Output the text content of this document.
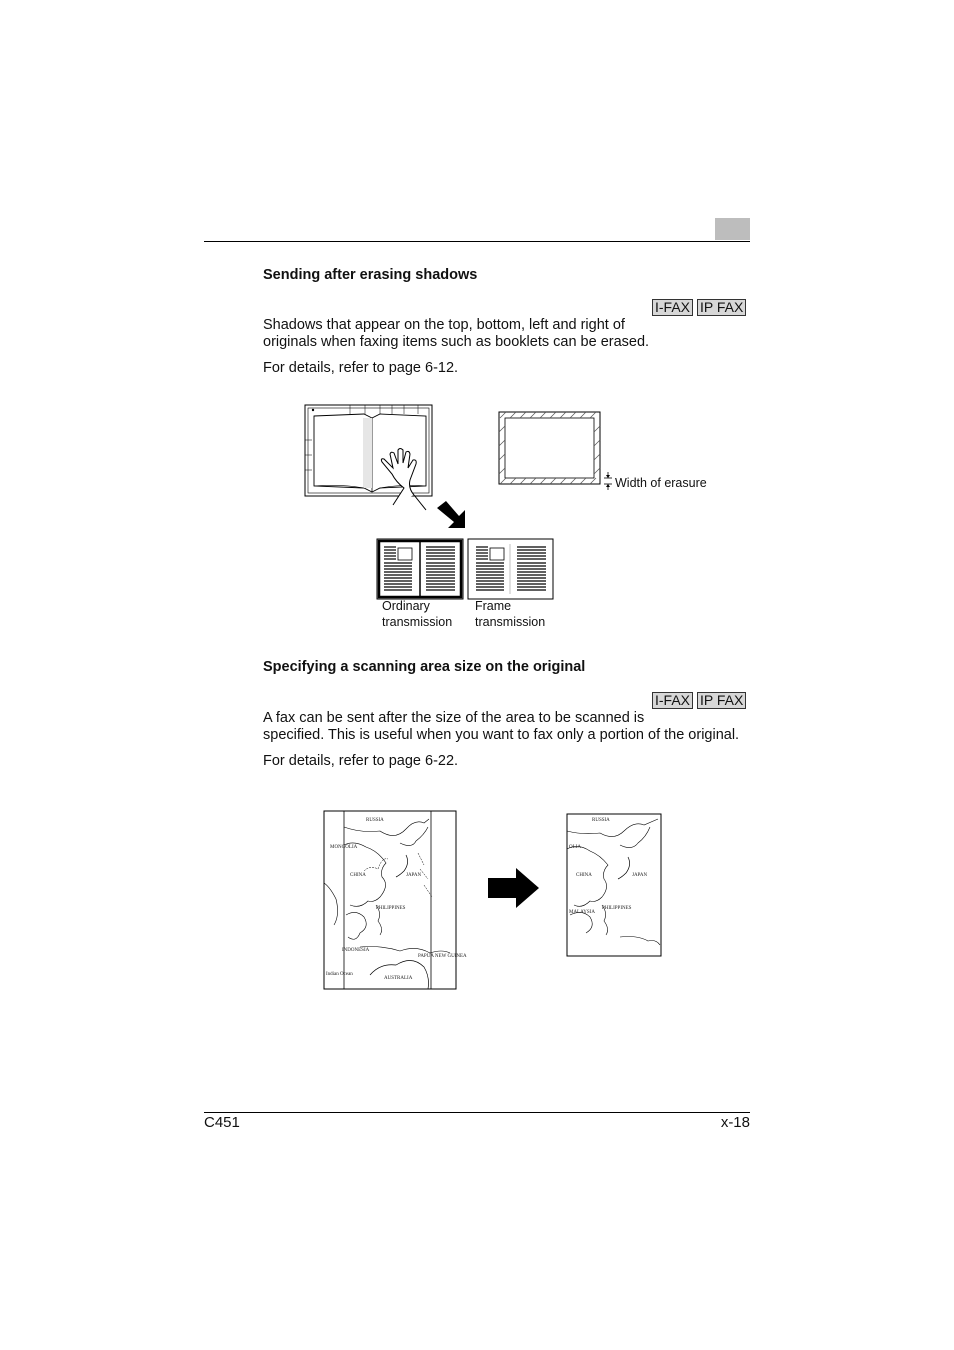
Sending after erasing shadows
I-FAX IP FAX
Shadows that appear on the top, bottom, left and right of
originals when faxing items such as booklets can be erased.
For details, refer to page 6-12.
Width of erasure
Ordinary
transmission
Frame
transmission
Specifying a scanning area size on the original
I-FAX IP FAX
A fax can be sent after the size of the area to be scanned is
specified. This is useful when you want to fax only a portion of the original.
For details, refer to page 6-22.
RUSSIA
MONGOLIA
CHINA	JAPAN
PHILIPPINES
INDONESIA
PAPUA NEW GUINEA
Indian Ocean
AUSTRALIA
RUSSIA
OLIA
CHINA	JAPAN
PHILIPPINES
MALAYSIA
C451	x-18
